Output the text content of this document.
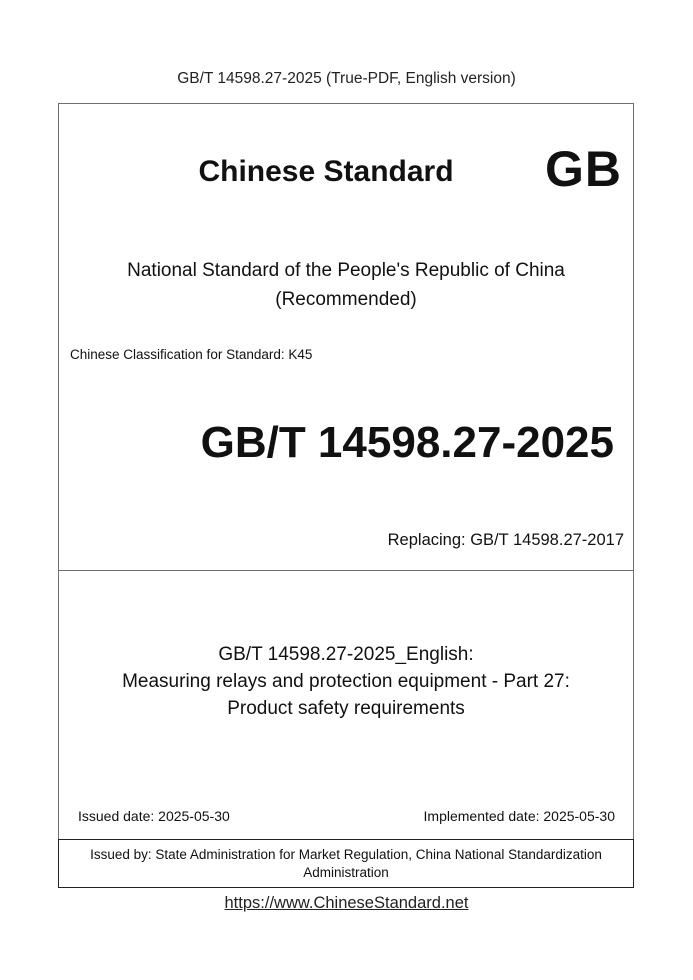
GB/T 14598.27-2025 (True-PDF, English version)
Chinese Standard	GB
National Standard of the People's Republic of China
(Recommended)
Chinese Classification for Standard: K45
GB/T 14598.27-2025
Replacing: GB/T 14598.27-2017
GB/T 14598.27-2025_English:
Measuring relays and protection equipment - Part 27:
Product safety requirements
Issued date: 2025-05-30	Implemented date: 2025-05-30
Issued by: State Administration for Market Regulation, China National Standardization Administration
https://www.ChineseStandard.net
